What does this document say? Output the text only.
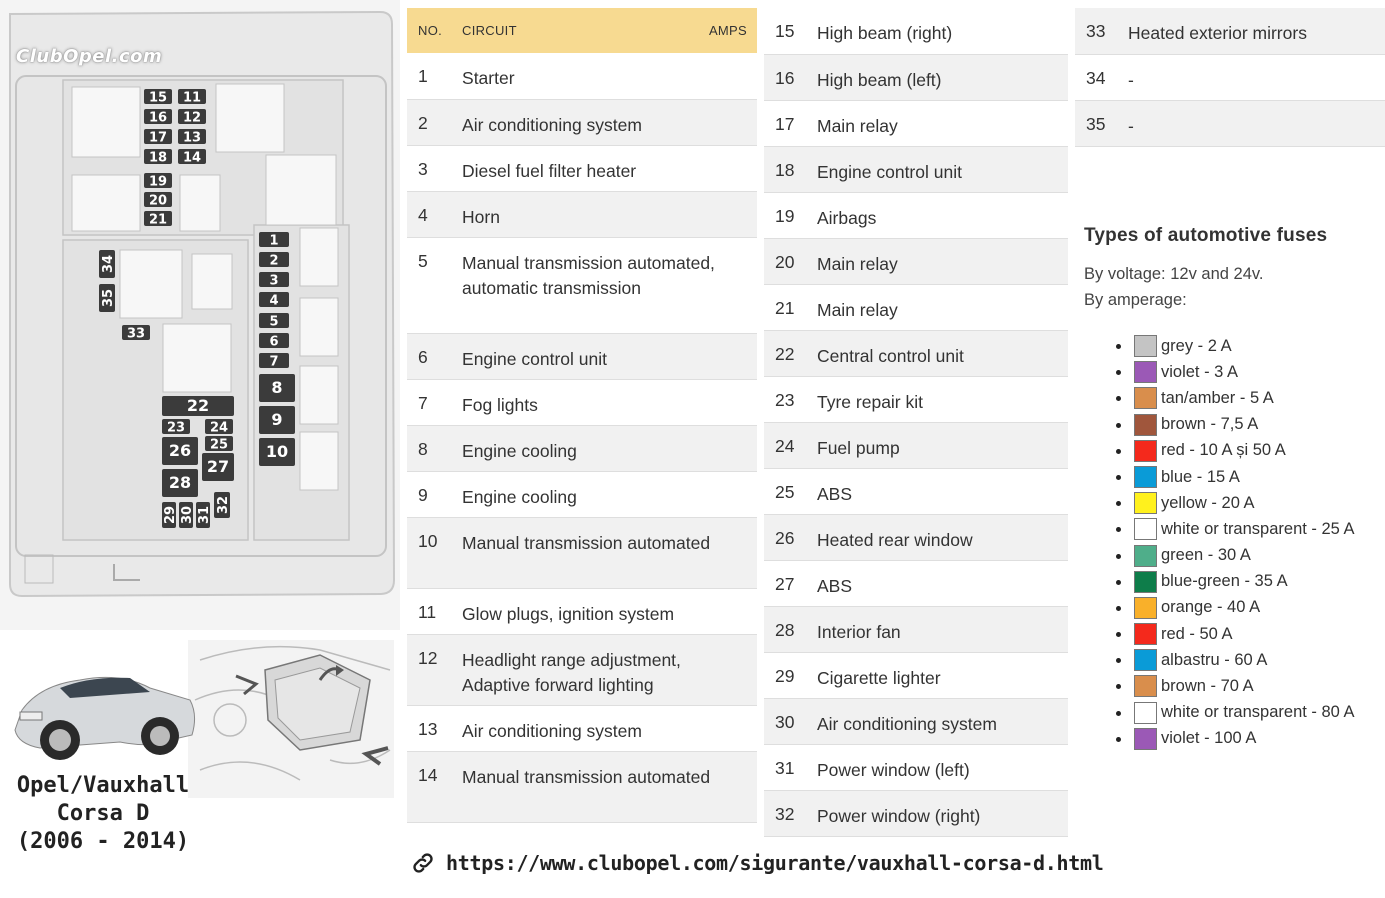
15 11
16 12
17 13
18 14
19
20
21
34
35
33
1
2
3
4
5
6
7
8
9
10
22
23 24
25
26
27
28
29 30 31
32
ClubOpel.com
Opel/Vauxhall
Corsa D
(2006 - 2014)
NO.	CIRCUIT AMPS

1	Starter
2	Air conditioning system
3	Diesel fuel filter heater
4	Horn
5	Manual transmission automated, automatic transmission
6	Engine control unit
7	Fog lights
8	Engine cooling
9	Engine cooling
10	Manual transmission automated
11	Glow plugs, ignition system
12	Headlight range adjustment, Adaptive forward lighting
13	Air conditioning system
14	Manual transmission automated
15	High beam (right)
16	High beam (left)
17	Main relay
18	Engine control unit
19	Airbags
20	Main relay
21	Main relay
22	Central control unit
23	Tyre repair kit
24	Fuel pump
25	ABS
26	Heated rear window
27	ABS
28	Interior fan
29	Cigarette lighter
30	Air conditioning system
31	Power window (left)
32	Power window (right)
33	Heated exterior mirrors
34	-
35	-
Types of automotive fuses
By voltage: 12v and 24v.
By amperage:
grey - 2 A
violet - 3 A
tan/amber - 5 A
brown - 7,5 A
red - 10 A și 50 A
blue - 15 A
yellow - 20 A
white or transparent - 25 A
green - 30 A
blue-green - 35 A
orange - 40 A
red - 50 A
albastru - 60 A
brown - 70 A
white or transparent - 80 A
violet - 100 A
https://www.clubopel.com/sigurante/vauxhall-corsa-d.html
